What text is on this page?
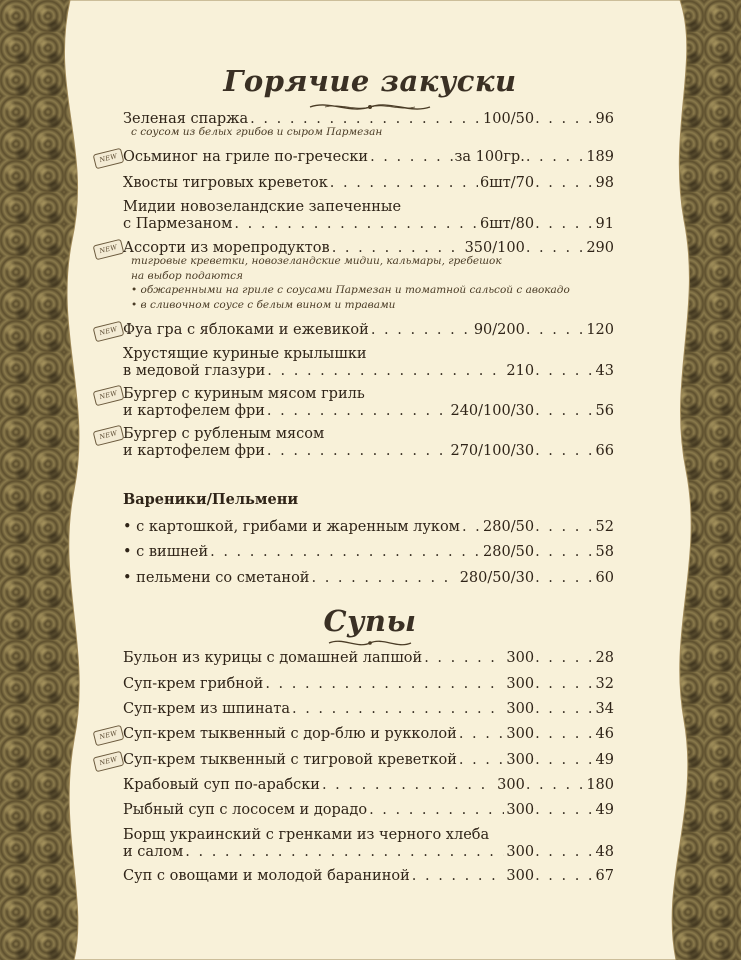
Горячие закуски
Зеленая спаржа . . .	100/50 . . .	96
с соусом из белых грибов и сыром Пармезан
NEW Осьминог на гриле по-гречески . . .	за 100гр. . . .	189
Хвосты тигровых креветок . . .	6шт/70 . . .	98
Мидии новозеландские запеченные
с Пармезаном . . .	6шт/80 . . .	91
NEW Ассорти из морепродуктов . . .	350/100 . . .	290
тигровые креветки, новозеландские мидии, кальмары, гребешок
на выбор подаются
• обжаренными на гриле с соусами Пармезан и томатной сальсой с авокадо
• в сливочном соусе с белым вином и травами
NEW Фуа гра с яблоками и ежевикой . . .	90/200 . . .	120
Хрустящие куриные крылышки
в медовой глазури . . .	210 . . .	43
NEW Бургер с куриным мясом гриль
и картофелем фри . . .	240/100/30 . . .	56
NEW Бургер с рубленым мясом
и картофелем фри . . .	270/100/30 . . .	66
Вареники/Пельмени
• с картошкой, грибами и жаренным луком . . . 280/50 . . .	52
• с вишней . . .	280/50 . . .	58
• пельмени со сметаной . . .	280/50/30 . . .	60
Супы
Бульон из курицы с домашней лапшой . . .	300 . . .	28
Суп-крем грибной . . .	300 . . .	32
Суп-крем из шпината . . .	300 . . .	34
NEW Суп-крем тыквенный с дор-блю и рукколой . . .	300 . . .	46
NEW Суп-крем тыквенный с тигровой креветкой . . .	300 . . .	49
Крабовый суп по-арабски . . .	300 . . .	180
Рыбный суп с лососем и дорадо . . .	300 . . .	49
Борщ украинский с гренками из черного хлеба
и салом . . .	300 . . .	48
Суп с овощами и молодой бараниной . . .	300 . . .	67
